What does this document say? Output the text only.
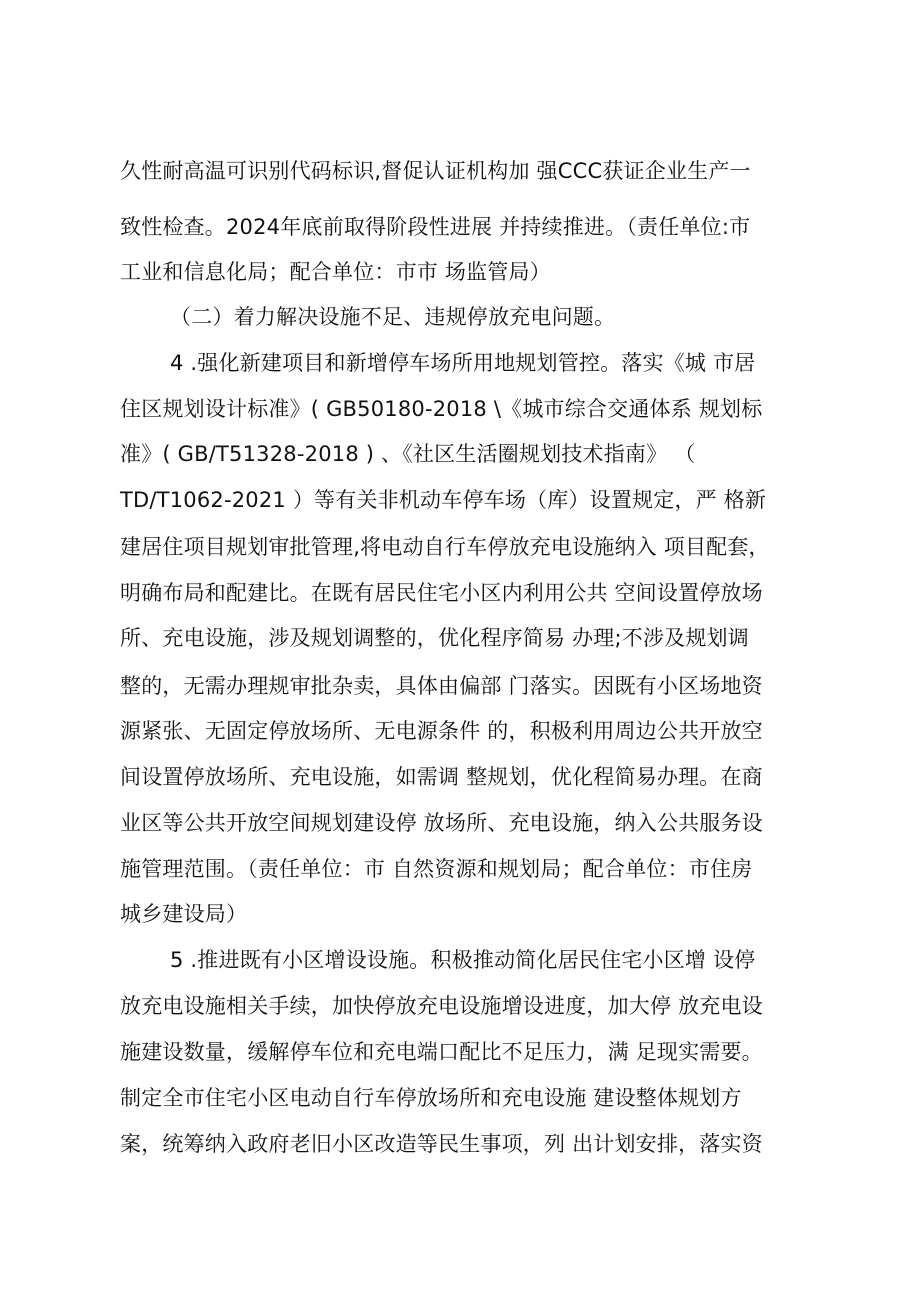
久性耐高温可识别代码标识,督促认证机构加 强CCC获证企业生产一
致性检查。2024年底前取得阶段性进展 并持续推进。（责任单位:市
工业和信息化局；配合单位：市市 场监管局）
（二）着力解决设施不足、违规停放充电问题。
4 .强化新建项目和新增停车场所用地规划管控。落实《城 市居
住区规划设计标准》( GB50180-2018 \《城市综合交通体系 规划标
准》( GB/T51328-2018 ) 、《社区生活圈规划技术指南》 （
TD/T1062-2021 ）等有关非机动车停车场（库）设置规定，严 格新
建居住项目规划审批管理,将电动自行车停放充电设施纳入 项目配套，
明确布局和配建比。在既有居民住宅小区内利用公共 空间设置停放场
所、充电设施，涉及规划调整的，优化程序简易 办理;不涉及规划调
整的，无需办理规审批杂卖，具体由偏部 门落实。因既有小区场地资
源紧张、无固定停放场所、无电源条件 的，积极利用周边公共开放空
间设置停放场所、充电设施，如需调 整规划，优化程简易办理。在商
业区等公共开放空间规划建设停 放场所、充电设施，纳入公共服务设
施管理范围。（责任单位：市 自然资源和规划局；配合单位：市住房
城乡建设局）
5 .推进既有小区增设设施。积极推动简化居民住宅小区增 设停
放充电设施相关手续，加快停放充电设施增设进度，加大停 放充电设
施建设数量，缓解停车位和充电端口配比不足压力，满 足现实需要。
制定全市住宅小区电动自行车停放场所和充电设施 建设整体规划方
案，统筹纳入政府老旧小区改造等民生事项，列 出计划安排，落实资
